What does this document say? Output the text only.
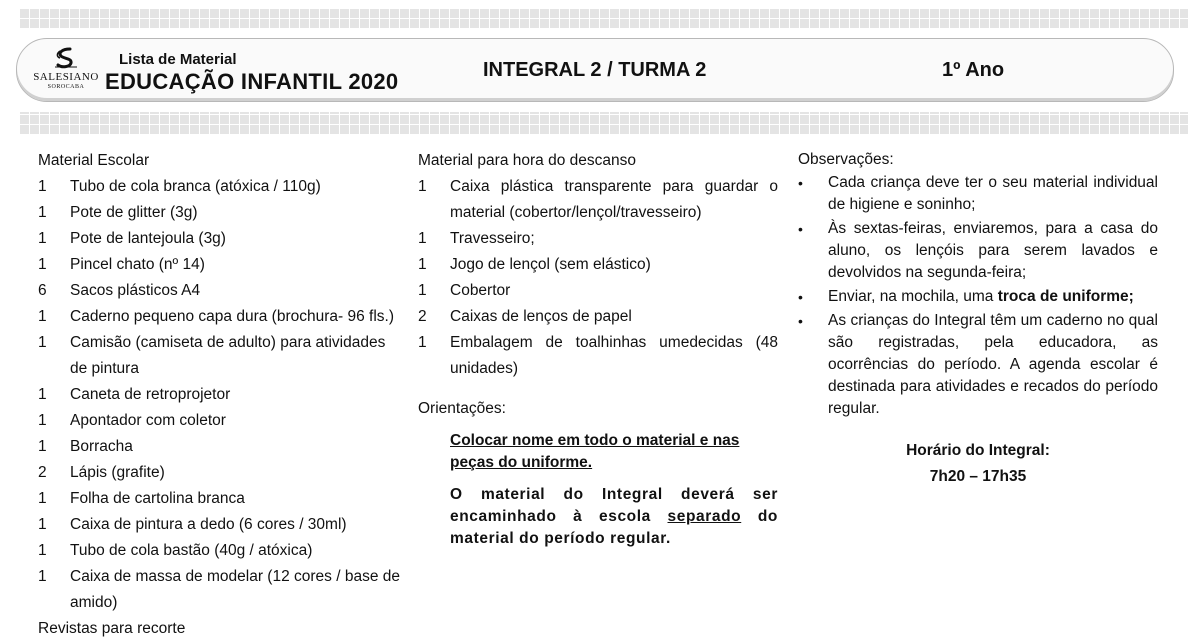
SALESIANO
SOROCABA
Lista de Material
EDUCAÇÃO INFANTIL 2020	INTEGRAL 2 / TURMA 2	1º Ano
Material Escolar
1 Tubo de cola branca (atóxica / 110g)
1 Pote de glitter (3g)
1 Pote de lantejoula (3g)
1 Pincel chato (nº 14)
6 Sacos plásticos A4
1 Caderno pequeno capa dura (brochura- 96 fls.)
1 Camisão (camiseta de adulto) para atividades de pintura
1 Caneta de retroprojetor
1 Apontador com coletor
1 Borracha
2 Lápis (grafite)
1 Folha de cartolina branca
1 Caixa de pintura a dedo (6 cores / 30ml)
1 Tubo de cola bastão (40g / atóxica)
1 Caixa de massa de modelar (12 cores / base de amido)
Revistas para recorte
Material para hora do descanso
1 Caixa plástica transparente para guardar o material (cobertor/lençol/travesseiro)
1 Travesseiro;
1 Jogo de lençol (sem elástico)
1 Cobertor
2 Caixas de lenços de papel
1 Embalagem de toalhinhas umedecidas (48 unidades)
Orientações:
Colocar nome em todo o material e nas peças do uniforme.
O material do Integral deverá ser encaminhado à escola separado do material do período regular.
Observações:
• Cada criança deve ter o seu material individual de higiene e soninho;
• Às sextas-feiras, enviaremos, para a casa do aluno, os lençóis para serem lavados e devolvidos na segunda-feira;
• Enviar, na mochila, uma troca de uniforme;
• As crianças do Integral têm um caderno no qual são registradas, pela educadora, as ocorrências do período. A agenda escolar é destinada para atividades e recados do período regular.
Horário do Integral:
7h20 – 17h35
